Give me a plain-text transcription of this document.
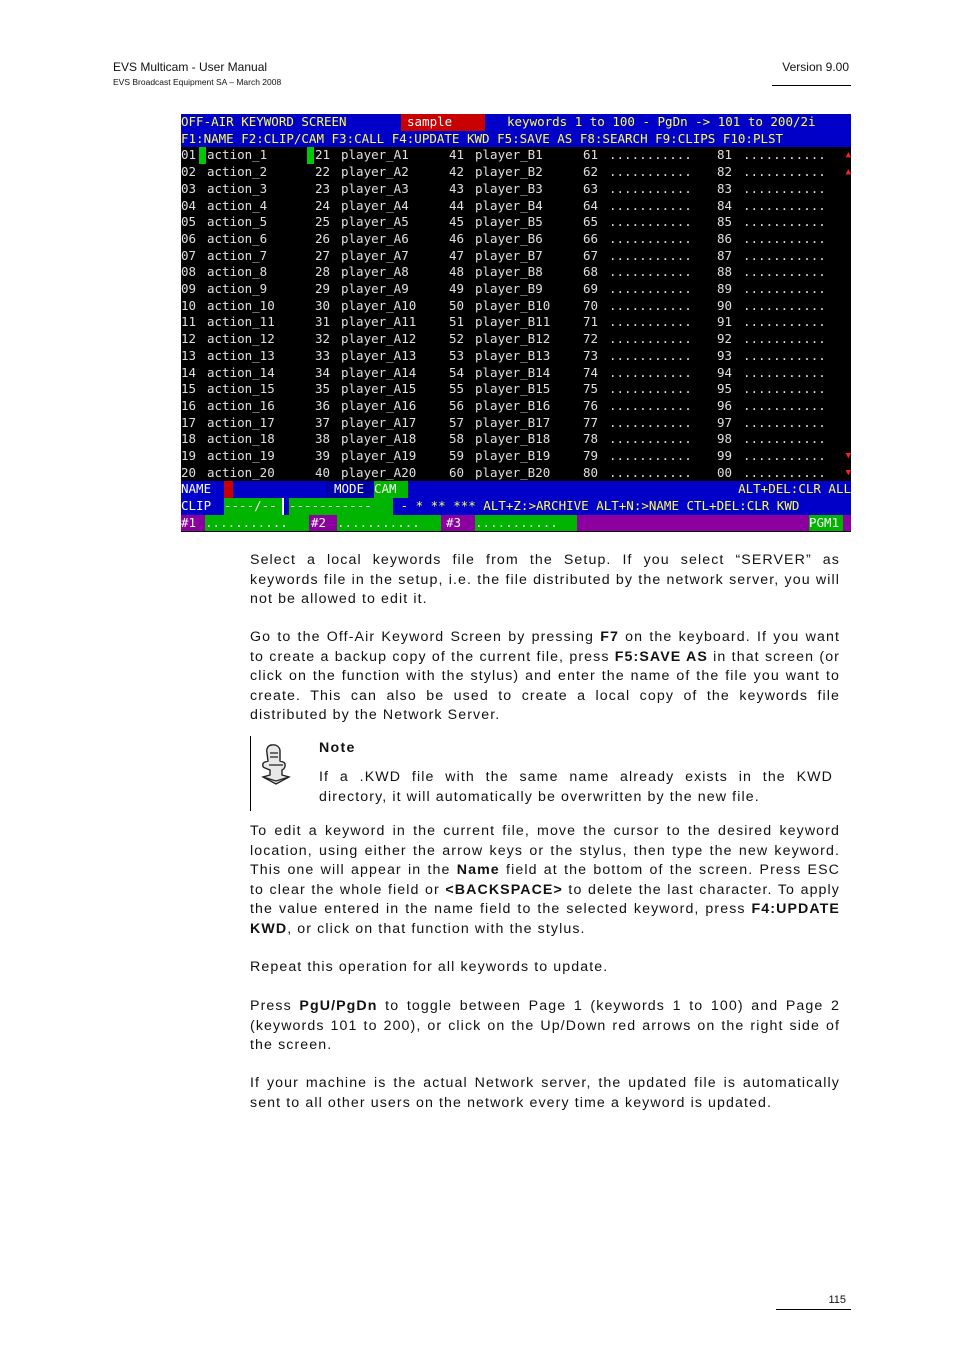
EVS Multicam - User Manual
EVS Broadcast Equipment SA – March 2008
Version 9.00

OFF-AIR KEYWORD SCREEN

	sample

	keywords 1 to 100 - PgDn -> 101 to 200/2i

F1:NAME F2:CLIP/CAM F3:CALL F4:UPDATE KWD F5:SAVE AS F8:SEARCH F9:CLIPS F10:PLST

01 action_1	21 player_A1	41 player_B1	61 ........... 81 ........... ▲
02 action_2	22 player_A2	42 player_B2	62 ........... 82 ........... ▲
03 action_3	23 player_A3	43 player_B3	63 ........... 83 ...........
04 action_4	24 player_A4	44 player_B4	64 ........... 84 ...........
05 action_5	25 player_A5	45 player_B5	65 ........... 85 ...........
06 action_6	26 player_A6	46 player_B6	66 ........... 86 ...........
07 action_7	27 player_A7	47 player_B7	67 ........... 87 ...........
08 action_8	28 player_A8	48 player_B8	68 ........... 88 ...........
09 action_9	29 player_A9	49 player_B9	69 ........... 89 ...........
10 action_10	30 player_A10	50 player_B10	70 ........... 90 ...........
11 action_11	31 player_A11	51 player_B11	71 ........... 91 ...........
12 action_12	32 player_A12	52 player_B12	72 ........... 92 ...........
13 action_13	33 player_A13	53 player_B13	73 ........... 93 ...........
14 action_14	34 player_A14	54 player_B14	74 ........... 94 ...........
15 action_15	35 player_A15	55 player_B15	75 ........... 95 ...........
16 action_16	36 player_A16	56 player_B16	76 ........... 96 ...........
17 action_17	37 player_A17	57 player_B17	77 ........... 97 ...........
18 action_18	38 player_A18	58 player_B18	78 ........... 98 ...........
19 action_19	39 player_A19	59 player_B19	79 ........... 99 ........... ▼
20 action_20	40 player_A20	60 player_B20	80 ........... 00 ........... ▼

NAME

	MODE

CAM

	ALT+DEL:CLR ALL

CLIP

	----/--

-----------

	- * ** *** ALT+Z:>ARCHIVE ALT+N:>NAME CTL+DEL:CLR KWD

#1

...........

	#2

...........

	#3

	...........

	PGM1

Select a local keywords file from the Setup. If you select “SERVER” as keywords file in the setup, i.e. the file distributed by the network server, you will not be allowed to edit it.
Go to the Off-Air Keyword Screen by pressing F7 on the keyboard. If you want to create a backup copy of the current file, press F5:SAVE AS in that screen (or click on the function with the stylus) and enter the name of the file you want to create. This can also be used to create a local copy of the keywords file distributed by the Network Server.
Note
If a .KWD file with the same name already exists in the KWD directory, it will automatically be overwritten by the new file.
To edit a keyword in the current file, move the cursor to the desired keyword location, using either the arrow keys or the stylus, then type the new keyword. This one will appear in the Name field at the bottom of the screen. Press ESC to clear the whole field or <BACKSPACE> to delete the last character. To apply the value entered in the name field to the selected keyword, press F4:UPDATE KWD, or click on that function with the stylus.
Repeat this operation for all keywords to update.
Press PgU/PgDn to toggle between Page 1 (keywords 1 to 100) and Page 2 (keywords 101 to 200), or click on the Up/Down red arrows on the right side of the screen.
If your machine is the actual Network server, the updated file is automatically sent to all other users on the network every time a keyword is updated.
115
